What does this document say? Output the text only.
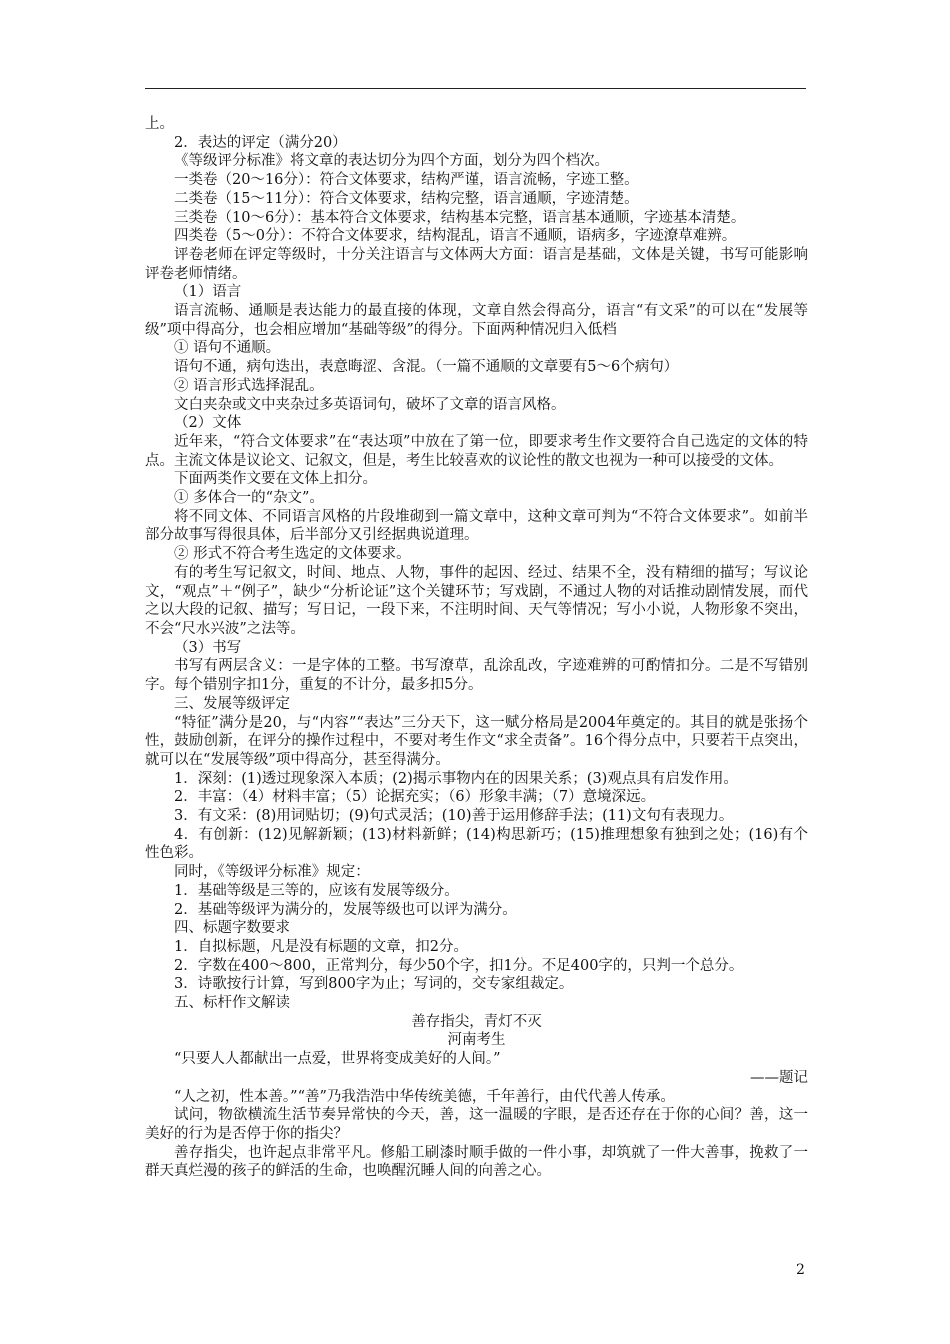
上。

2．表达的评定（满分20）

《等级评分标准》将文章的表达切分为四个方面，划分为四个档次。

一类卷（20～16分）：符合文体要求，结构严谨，语言流畅，字迹工整。

二类卷（15～11分）：符合文体要求，结构完整，语言通顺，字迹清楚。

三类卷（10～6分）：基本符合文体要求，结构基本完整，语言基本通顺，字迹基本清楚。

四类卷（5～0分）：不符合文体要求，结构混乱，语言不通顺，语病多，字迹潦草难辨。

评卷老师在评定等级时，十分关注语言与文体两大方面：语言是基础，文体是关键，书写可能影响评卷老师情绪。

（1）语言

语言流畅、通顺是表达能力的最直接的体现，文章自然会得高分，语言“有文采”的可以在“发展等级”项中得高分，也会相应增加“基础等级”的得分。下面两种情况归入低档

① 语句不通顺。

语句不通，病句迭出，表意晦涩、含混。（一篇不通顺的文章要有5～6个病句）

② 语言形式选择混乱。

文白夹杂或文中夹杂过多英语词句，破坏了文章的语言风格。

（2）文体

近年来，“符合文体要求”在“表达项”中放在了第一位，即要求考生作文要符合自己选定的文体的特点。主流文体是议论文、记叙文，但是，考生比较喜欢的议论性的散文也视为一种可以接受的文体。

下面两类作文要在文体上扣分。

① 多体合一的“杂文”。

将不同文体、不同语言风格的片段堆砌到一篇文章中，这种文章可判为“不符合文体要求”。如前半部分故事写得很具体，后半部分又引经据典说道理。

② 形式不符合考生选定的文体要求。

有的考生写记叙文，时间、地点、人物，事件的起因、经过、结果不全，没有精细的描写；写议论文，“观点”＋“例子”，缺少“分析论证”这个关键环节；写戏剧，不通过人物的对话推动剧情发展，而代之以大段的记叙、描写；写日记，一段下来，不注明时间、天气等情况；写小小说，人物形象不突出，不会“尺水兴波”之法等。

（3）书写

书写有两层含义：一是字体的工整。书写潦草，乱涂乱改，字迹难辨的可酌情扣分。二是不写错别字。每个错别字扣1分，重复的不计分，最多扣5分。

三、发展等级评定

“特征”满分是20，与“内容”“表达”三分天下，这一赋分格局是2004年奠定的。其目的就是张扬个性，鼓励创新，在评分的操作过程中，不要对考生作文“求全责备”。16个得分点中，只要若干点突出，就可以在“发展等级”项中得高分，甚至得满分。

1．深刻：(1)透过现象深入本质；(2)揭示事物内在的因果关系；(3)观点具有启发作用。

2．丰富：（4）材料丰富；（5）论据充实；（6）形象丰满；（7）意境深远。

3．有文采：(8)用词贴切；(9)句式灵活；(10)善于运用修辞手法；(11)文句有表现力。

4．有创新：(12)见解新颖；(13)材料新鲜；(14)构思新巧；(15)推理想象有独到之处；(16)有个性色彩。

同时，《等级评分标准》规定：

1．基础等级是三等的，应该有发展等级分。

2．基础等级评为满分的，发展等级也可以评为满分。

四、标题字数要求

1．自拟标题，凡是没有标题的文章，扣2分。

2．字数在400～800，正常判分，每少50个字，扣1分。不足400字的，只判一个总分。

3．诗歌按行计算，写到800字为止；写词的，交专家组裁定。

五、标杆作文解读

善存指尖，青灯不灭

河南考生

“只要人人都献出一点爱，世界将变成美好的人间。”

——题记

“人之初，性本善。”“善”乃我浩浩中华传统美德，千年善行，由代代善人传承。

试问，物欲横流生活节奏异常快的今天，善，这一温暖的字眼，是否还存在于你的心间？善，这一美好的行为是否停于你的指尖？

善存指尖，也许起点非常平凡。修船工刷漆时顺手做的一件小事，却筑就了一件大善事，挽救了一群天真烂漫的孩子的鲜活的生命，也唤醒沉睡人间的向善之心。

2
